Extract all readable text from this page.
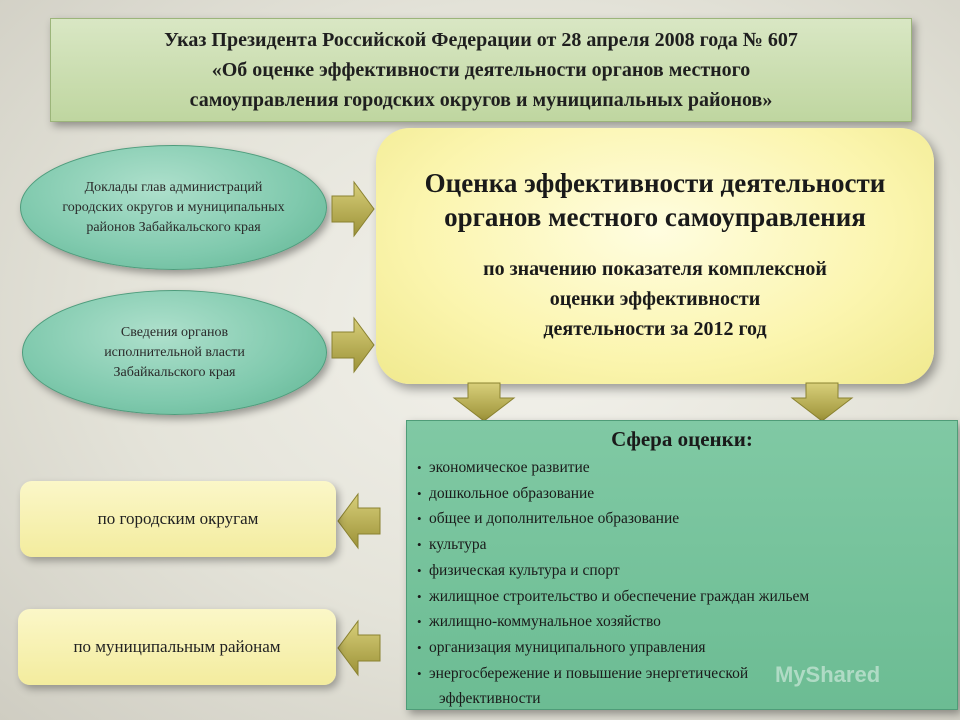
Указ Президента Российской Федерации от 28 апреля 2008 года № 607
«Об оценке эффективности деятельности органов местного
самоуправления городских округов и муниципальных районов»
Доклады глав администраций
городских округов и муниципальных
районов Забайкальского края
Сведения органов
исполнительной власти
Забайкальского края
Оценка эффективности деятельности
органов местного самоуправления
по значению показателя комплексной
оценки эффективности
деятельности за 2012 год
Сфера оценки:
• экономическое развитие
• дошкольное образование
• общее и дополнительное образование
• культура
• физическая культура и спорт
• жилищное строительство и обеспечение граждан жильем
• жилищно-коммунальное хозяйство
• организация муниципального управления
• энергосбережение и повышение энергетической
эффективности
по городским округам
по муниципальным районам
MyShared
